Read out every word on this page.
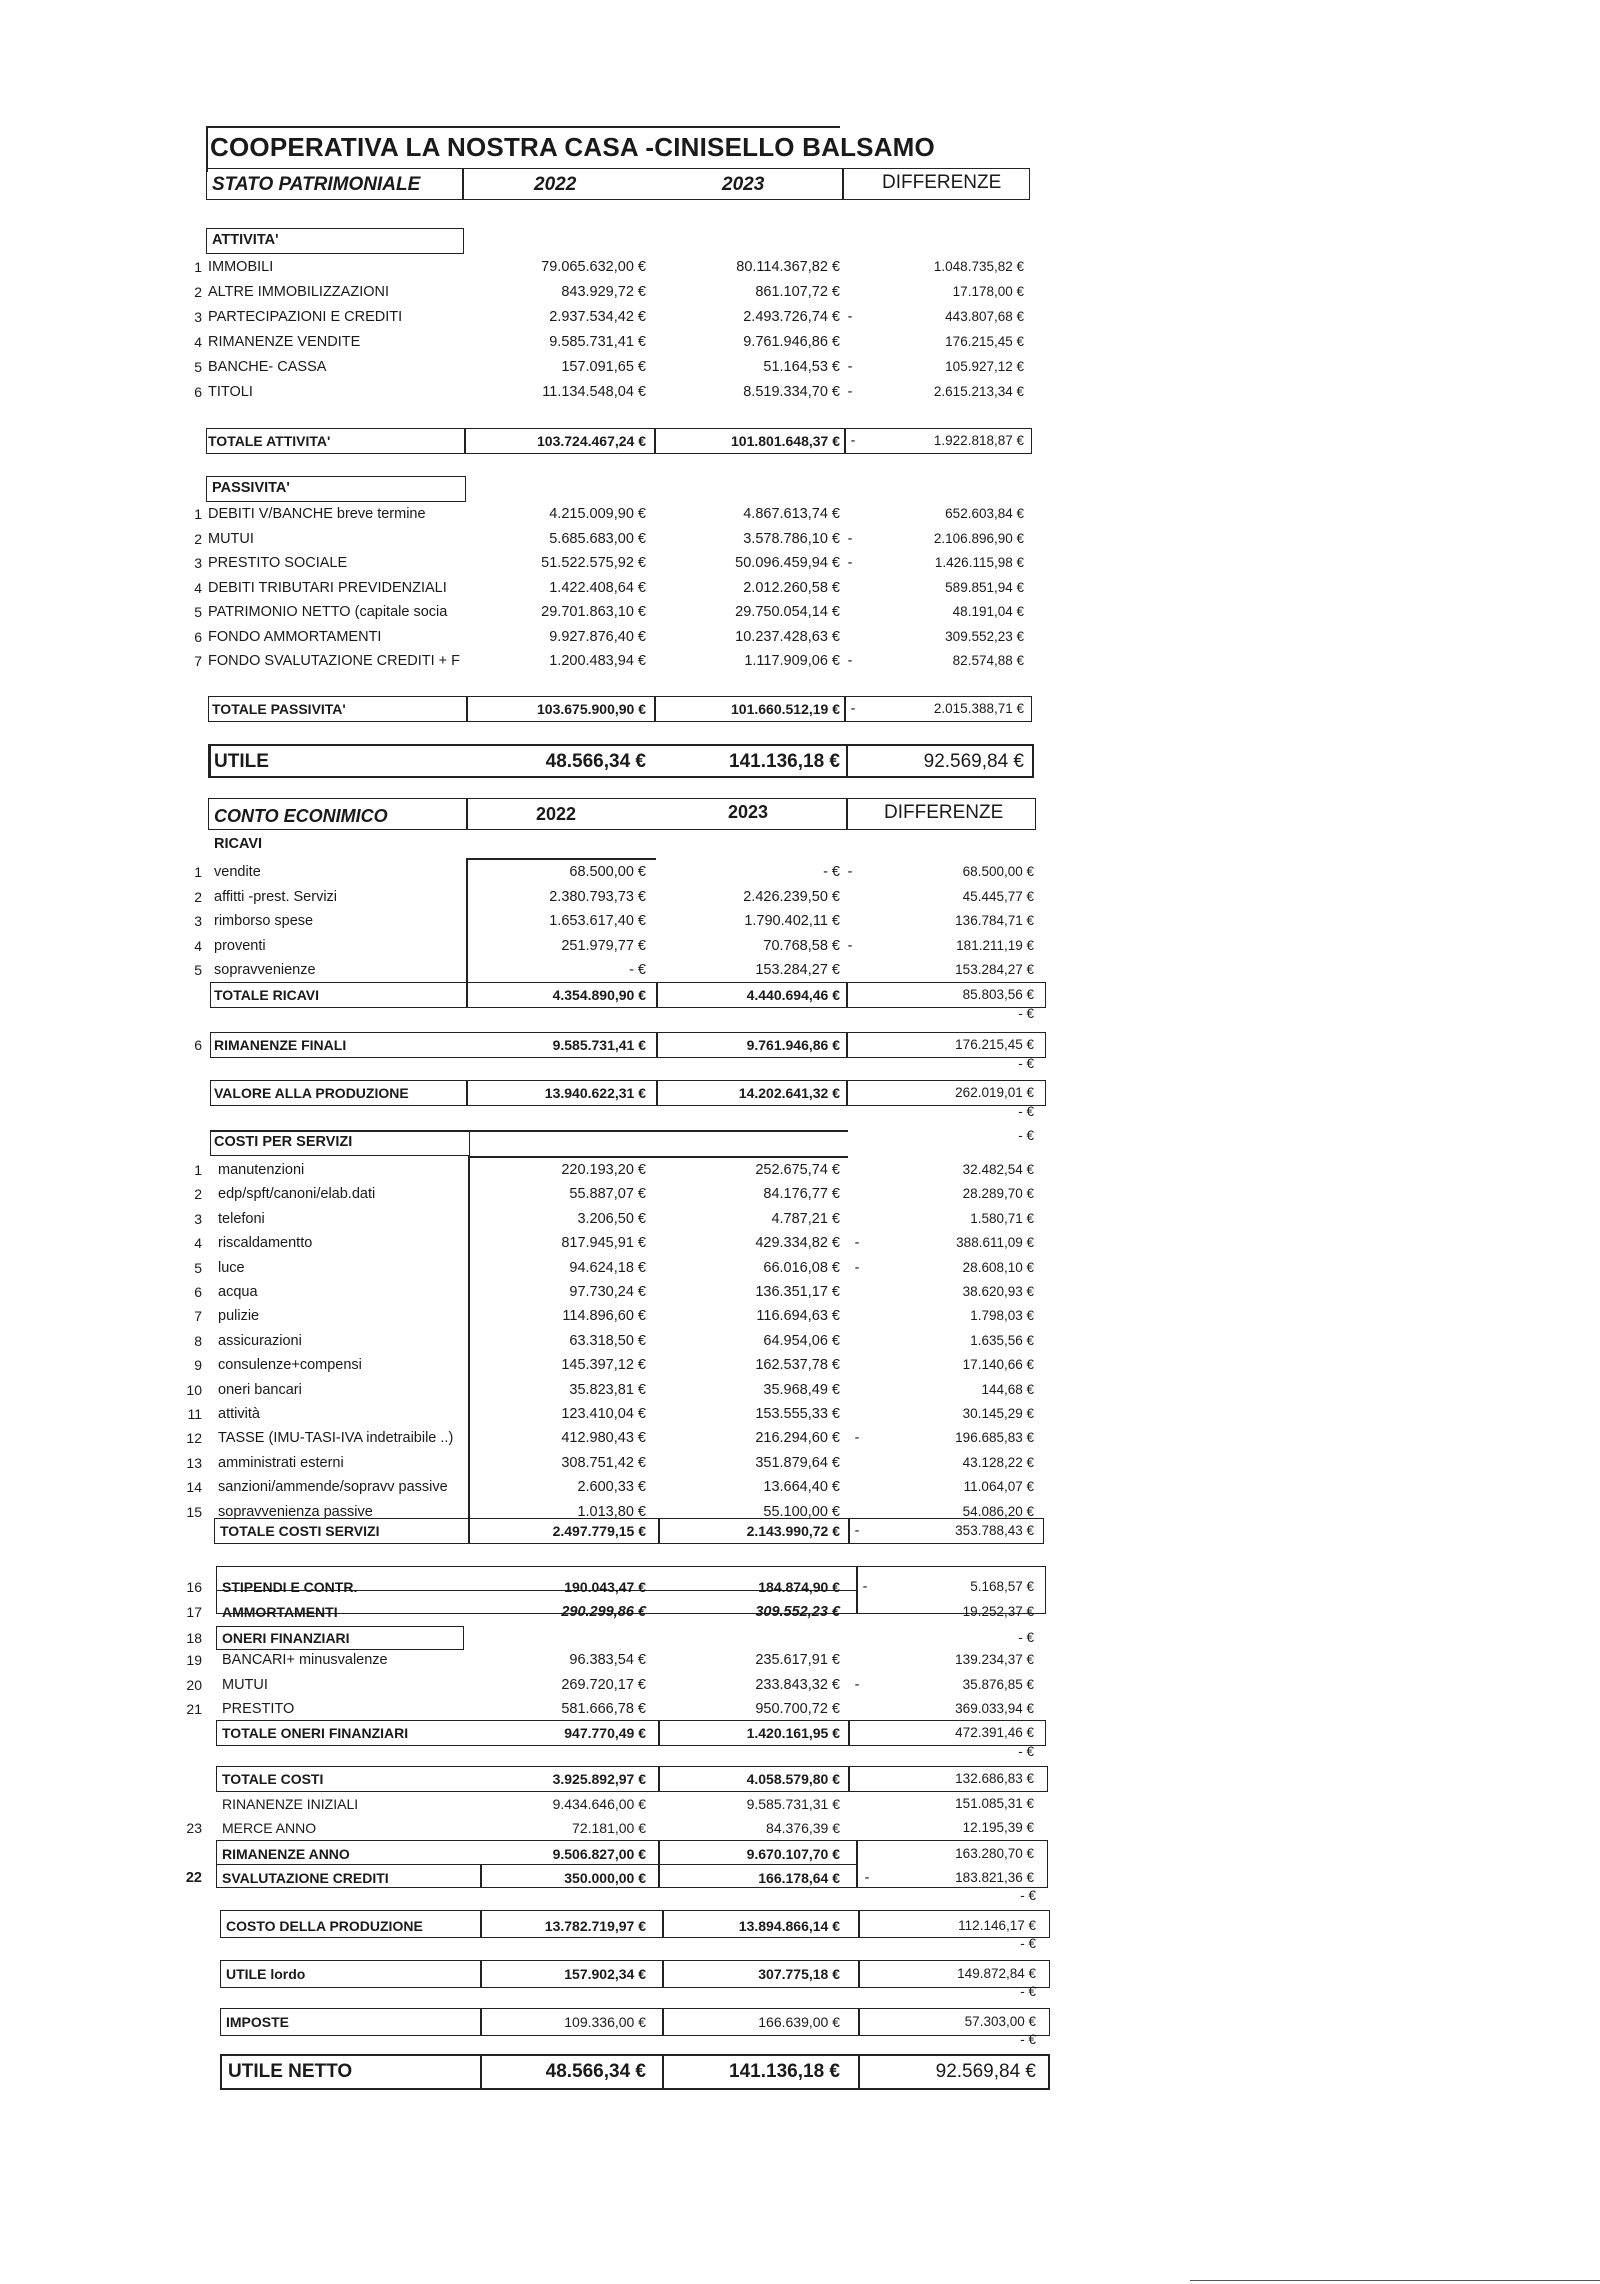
COOPERATIVA LA NOSTRA CASA -CINISELLO BALSAMO
STATO PATRIMONIALE	2022	2023	DIFFERENZE
ATTIVITA'
1 IMMOBILI	79.065.632,00 €	80.114.367,82 €	1.048.735,82 €
2 ALTRE IMMOBILIZZAZIONI	843.929,72 €	861.107,72 €	17.178,00 €
3 PARTECIPAZIONI E CREDITI	2.937.534,42 €	2.493.726,74 € -	443.807,68 €
4 RIMANENZE VENDITE	9.585.731,41 €	9.761.946,86 €	176.215,45 €
5 BANCHE- CASSA	157.091,65 €	51.164,53 € -	105.927,12 €
6 TITOLI	11.134.548,04 €	8.519.334,70 € -	2.615.213,34 €
TOTALE ATTIVITA'	103.724.467,24 €	101.801.648,37 € -	1.922.818,87 €
PASSIVITA'
1 DEBITI V/BANCHE breve termine	4.215.009,90 €	4.867.613,74 €	652.603,84 €
2 MUTUI	5.685.683,00 €	3.578.786,10 € -	2.106.896,90 €
3 PRESTITO SOCIALE	51.522.575,92 €	50.096.459,94 € -	1.426.115,98 €
4 DEBITI TRIBUTARI PREVIDENZIALI	1.422.408,64 €	2.012.260,58 €	589.851,94 €
5 PATRIMONIO NETTO (capitale socia	29.701.863,10 €	29.750.054,14 €	48.191,04 €
6 FONDO AMMORTAMENTI	9.927.876,40 €	10.237.428,63 €	309.552,23 €
7 FONDO SVALUTAZIONE CREDITI + F	1.200.483,94 €	1.117.909,06 € -	82.574,88 €
TOTALE PASSIVITA'	103.675.900,90 €	101.660.512,19 € -	2.015.388,71 €
UTILE	48.566,34 €	141.136,18 €	92.569,84 €
CONTO ECONIMICO	2022	2023	DIFFERENZE
RICAVI
1 vendite	68.500,00 €	- € -	68.500,00 €
2 affitti -prest. Servizi	2.380.793,73 €	2.426.239,50 €	45.445,77 €
3 rimborso spese	1.653.617,40 €	1.790.402,11 €	136.784,71 €
4 proventi	251.979,77 €	70.768,58 € -	181.211,19 €
5 sopravvenienze	- €	153.284,27 €	153.284,27 €
TOTALE RICAVI	4.354.890,90 €	4.440.694,46 €	85.803,56 €
- €
6 RIMANENZE FINALI	9.585.731,41 €	9.761.946,86 €	176.215,45 €
- €
VALORE ALLA PRODUZIONE	13.940.622,31 €	14.202.641,32 €	262.019,01 €
- €
- €
COSTI PER SERVIZI
1 manutenzioni	220.193,20 €	252.675,74 €	32.482,54 €
2 edp/spft/canoni/elab.dati	55.887,07 €	84.176,77 €	28.289,70 €
3 telefoni	3.206,50 €	4.787,21 €	1.580,71 €
4 riscaldamentto	817.945,91 €	429.334,82 €	-	388.611,09 €
5 luce	94.624,18 €	66.016,08 €	-	28.608,10 €
6 acqua	97.730,24 €	136.351,17 €	38.620,93 €
7 pulizie	114.896,60 €	116.694,63 €	1.798,03 €
8 assicurazioni	63.318,50 €	64.954,06 €	1.635,56 €
9 consulenze+compensi	145.397,12 €	162.537,78 €	17.140,66 €
10 oneri bancari	35.823,81 €	35.968,49 €	144,68 €
11 attività	123.410,04 €	153.555,33 €	30.145,29 €
12 TASSE (IMU-TASI-IVA indetraibile ..)	412.980,43 €	216.294,60 €	-	196.685,83 €
13 amministrati esterni	308.751,42 €	351.879,64 €	43.128,22 €
14 sanzioni/ammende/sopravv passive	2.600,33 €	13.664,40 €	11.064,07 €
15 sopravvenienza passive	1.013,80 €	55.100,00 €	54.086,20 €
TOTALE COSTI SERVIZI	2.497.779,15 €	2.143.990,72 €	-	353.788,43 €
16 STIPENDI E CONTR.	190.043,47 €	184.874,90 €	-	5.168,57 €
17 AMMORTAMENTI	290.299,86 €	309.552,23 €	19.252,37 €
18 ONERI FINANZIARI	- €
19 BANCARI+ minusvalenze	96.383,54 €	235.617,91 €	139.234,37 €
20 MUTUI	269.720,17 €	233.843,32 €	-	35.876,85 €
21 PRESTITO	581.666,78 €	950.700,72 €	369.033,94 €
TOTALE ONERI FINANZIARI	947.770,49 €	1.420.161,95 €	472.391,46 €
- €
TOTALE COSTI	3.925.892,97 €	4.058.579,80 €	132.686,83 €
RINANENZE INIZIALI	9.434.646,00 €	9.585.731,31 €	151.085,31 €
23 MERCE ANNO	72.181,00 €	84.376,39 €	12.195,39 €
RIMANENZE ANNO	9.506.827,00 €	9.670.107,70 €	163.280,70 €
22 SVALUTAZIONE CREDITI	350.000,00 €	166.178,64 €	-	183.821,36 €
- €
COSTO DELLA PRODUZIONE	13.782.719,97 €	13.894.866,14 €	112.146,17 €
- €
UTILE lordo	157.902,34 €	307.775,18 €	149.872,84 €
- €
IMPOSTE	109.336,00 €	166.639,00 €	57.303,00 €
- €
UTILE NETTO	48.566,34 €	141.136,18 €	92.569,84 €
